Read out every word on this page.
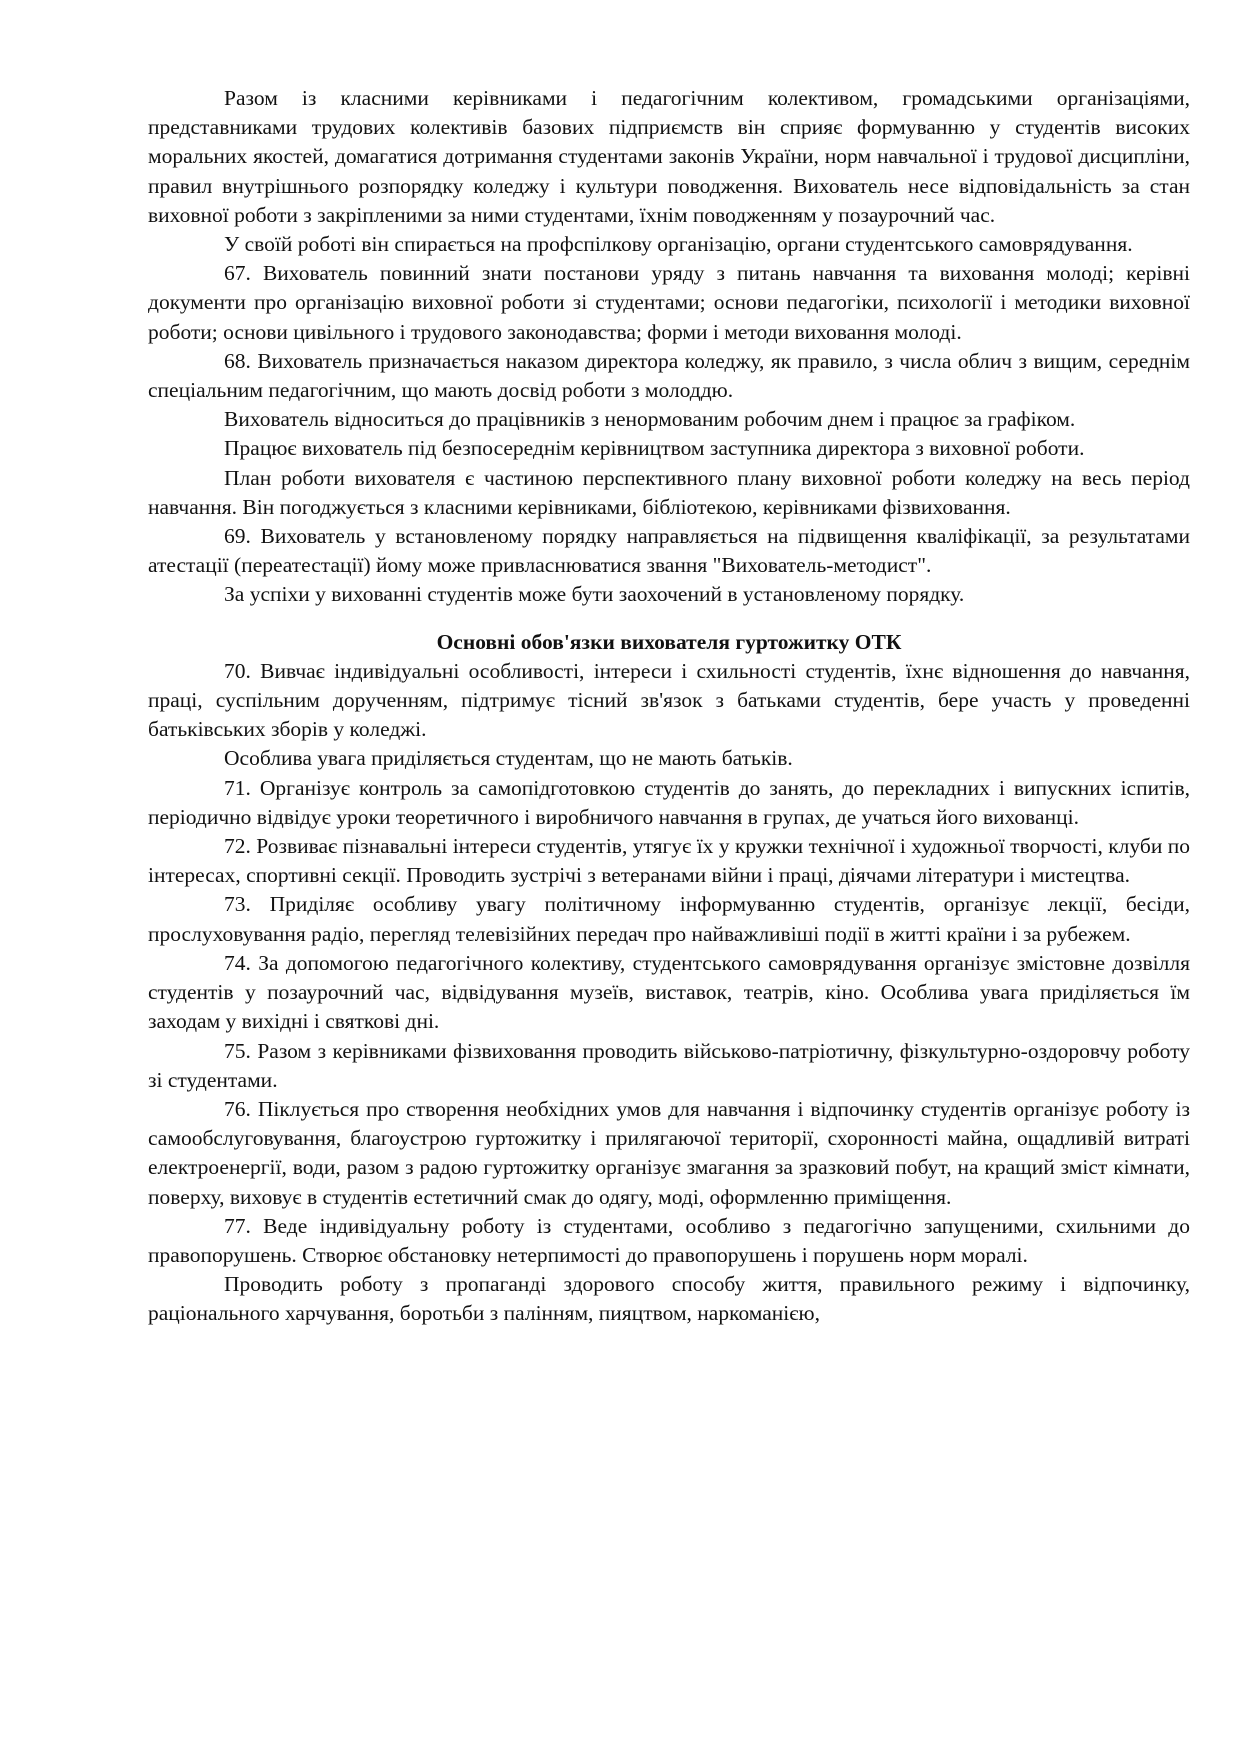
Разом із класними керівниками і педагогічним колективом, громадськими організаціями, представниками трудових колективів базових підприємств він сприяє формуванню у студентів високих моральних якостей, домагатися дотримання студентами законів України, норм навчальної і трудової дисципліни, правил внутрішнього розпорядку коледжу і культури поводження. Вихователь несе відповідальність за стан виховної роботи з закріпленими за ними студентами, їхнім поводженням у позаурочний час.

У своїй роботі він спирається на профспілкову організацію, органи студентського самоврядування.

67. Вихователь повинний знати постанови уряду з питань навчання та виховання молоді; керівні документи про організацію виховної роботи зі студентами; основи педагогіки, психології і методики виховної роботи; основи цивільного і трудового законодавства; форми і методи виховання молоді.

68. Вихователь призначається наказом директора коледжу, як правило, з числа облич з вищим, середнім спеціальним педагогічним, що мають досвід роботи з молоддю.

Вихователь відноситься до працівників з ненормованим робочим днем і працює за графіком.

Працює вихователь під безпосереднім керівництвом заступника директора з виховної роботи.

План роботи вихователя є частиною перспективного плану виховної роботи коледжу на весь період навчання. Він погоджується з класними керівниками, бібліотекою, керівниками фізвиховання.

69. Вихователь у встановленому порядку направляється на підвищення кваліфікації, за результатами атестації (переатестації) йому може привласнюватися звання "Вихователь-методист".

За успіхи у вихованні студентів може бути заохочений в установленому порядку.

Основні обов'язки вихователя гуртожитку ОТК

70. Вивчає індивідуальні особливості, інтереси і схильності студентів, їхнє відношення до навчання, праці, суспільним дорученням, підтримує тісний зв'язок з батьками студентів, бере участь у проведенні батьківських зборів у коледжі.

Особлива увага приділяється студентам, що не мають батьків.

71. Організує контроль за самопідготовкою студентів до занять, до перекладних і випускних іспитів, періодично відвідує уроки теоретичного і виробничого навчання в групах, де учаться його вихованці.

72. Розвиває пізнавальні інтереси студентів, утягує їх у кружки технічної і художньої творчості, клуби по інтересах, спортивні секції. Проводить зустрічі з ветеранами війни і праці, діячами літератури і мистецтва.

73. Приділяє особливу увагу політичному інформуванню студентів, організує лекції, бесіди, прослуховування радіо, перегляд телевізійних передач про найважливіші події в житті країни і за рубежем.

74. За допомогою педагогічного колективу, студентського самоврядування організує змістовне дозвілля студентів у позаурочний час, відвідування музеїв, виставок, театрів, кіно. Особлива увага приділяється їм заходам у вихідні і святкові дні.

75. Разом з керівниками фізвиховання проводить військово-патріотичну, фізкультурно-оздоровчу роботу зі студентами.

76. Піклується про створення необхідних умов для навчання і відпочинку студентів організує роботу із самообслуговування, благоустрою гуртожитку і прилягаючої території, схоронності майна, ощадливій витраті електроенергії, води, разом з радою гуртожитку організує змагання за зразковий побут, на кращий зміст кімнати, поверху, виховує в студентів естетичний смак до одягу, моді, оформленню приміщення.

77. Веде індивідуальну роботу із студентами, особливо з педагогічно запущеними, схильними до правопорушень. Створює обстановку нетерпимості до правопорушень і порушень норм моралі.

Проводить роботу з пропаганді здорового способу життя, правильного режиму і відпочинку, раціонального харчування, боротьби з палінням, пияцтвом, наркоманією,
